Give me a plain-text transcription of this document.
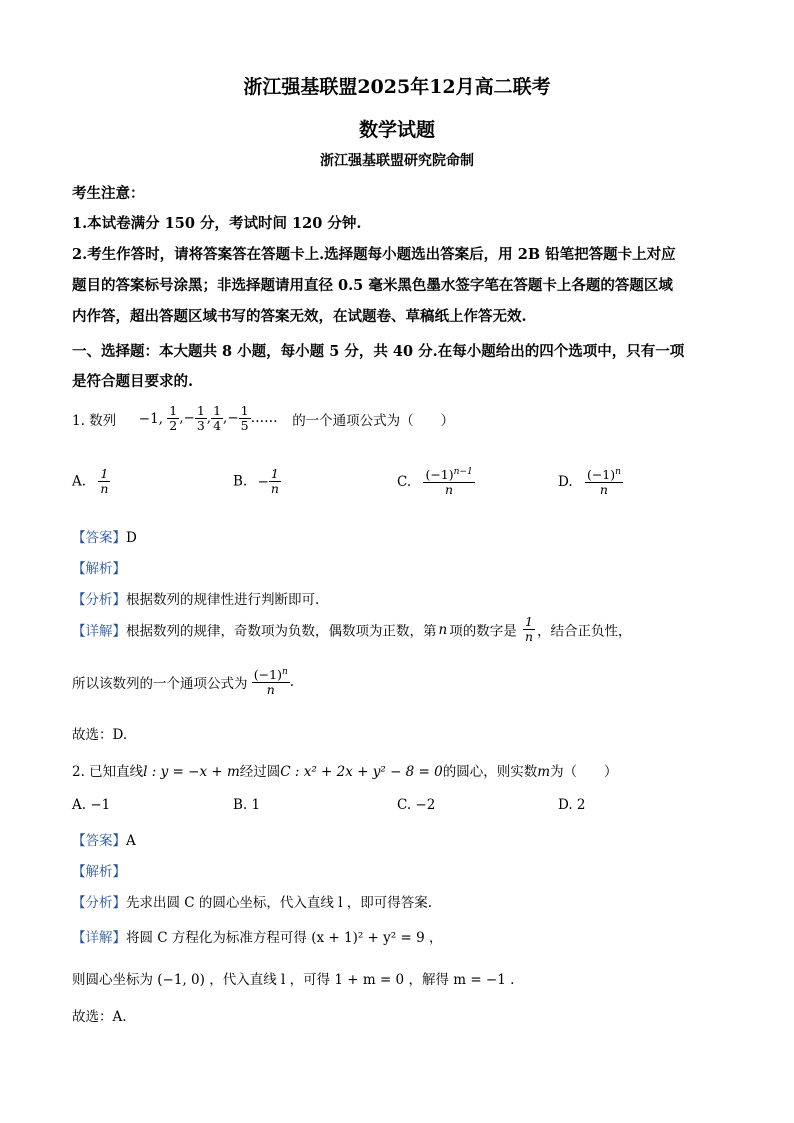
浙江强基联盟2025年12月高二联考
数学试题
浙江强基联盟研究院命制
考生注意：
1.本试卷满分 150 分，考试时间 120 分钟.
2.考生作答时，请将答案答在答题卡上.选择题每小题选出答案后，用 2B 铅笔把答题卡上对应
题目的答案标号涂黑；非选择题请用直径 0.5 毫米黑色墨水签字笔在答题卡上各题的答题区域
内作答，超出答题区域书写的答案无效，在试题卷、草稿纸上作答无效.
一、选择题：本大题共 8 小题，每小题 5 分，共 40 分.在每小题给出的四个选项中，只有一项
是符合题目要求的.
1. 数列 −1, $\frac{1}{2}$ ,− $\frac{1}{3}$ , $\frac{1}{4}$ ,− $\frac{1}{5}$ …… 的一个通项公式为（　　）
A. $\frac{1}{n}$	B. − $\frac{1}{n}$	C. $\frac{(-1)^{n-1}}{n}$	D. $\frac{(-1)^n}{n}$
【答案】D
【解析】
【分析】根据数列的规律性进行判断即可.
【详解】根据数列的规律，奇数项为负数，偶数项为正数，第 n 项的数字是 $\frac{1}{n}$ ，结合正负性，
所以该数列的一个通项公式为 $\frac{(-1)^n}{n}$ .
故选：D.
2. 已知直线l : y = −x + m经过圆C : x² + 2x + y² − 8 = 0的圆心，则实数m为（　　）
A. −1	B. 1	C. −2	D. 2
【答案】A
【解析】
【分析】先求出圆 C 的圆心坐标，代入直线 l ，即可得答案.
【详解】将圆 C 方程化为标准方程可得 (x + 1)² + y² = 9 ，
则圆心坐标为 (−1, 0) ，代入直线 l ，可得 1 + m = 0 ，解得 m = −1 .
故选：A.
